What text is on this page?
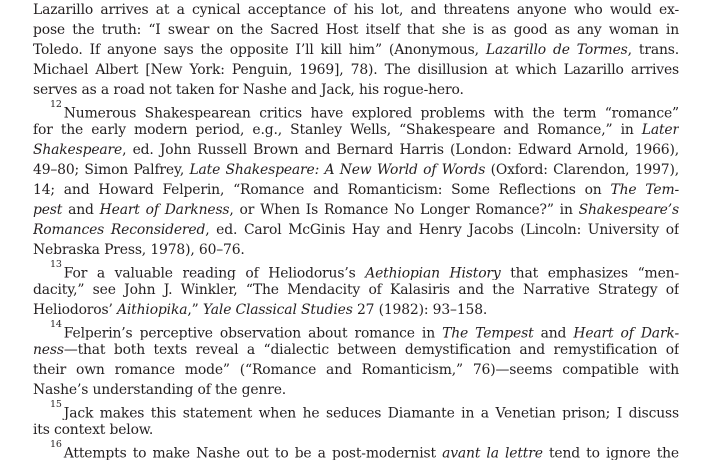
Lazarillo arrives at a cynical acceptance of his lot, and threatens anyone who would ex-
pose the truth: “I swear on the Sacred Host itself that she is as good as any woman in
Toledo. If anyone says the opposite I’ll kill him” (Anonymous, Lazarillo de Tormes, trans.
Michael Albert [New York: Penguin, 1969], 78). The disillusion at which Lazarillo arrives
serves as a road not taken for Nashe and Jack, his rogue-hero.
$^{12}$Numerous Shakespearean critics have explored problems with the term “romance”
for the early modern period, e.g., Stanley Wells, “Shakespeare and Romance,” in Later
Shakespeare, ed. John Russell Brown and Bernard Harris (London: Edward Arnold, 1966),
49–80; Simon Palfrey, Late Shakespeare: A New World of Words (Oxford: Clarendon, 1997),
14; and Howard Felperin, “Romance and Romanticism: Some Reflections on The Tem-
pest and Heart of Darkness, or When Is Romance No Longer Romance?” in Shakespeare’s
Romances Reconsidered, ed. Carol McGinis Hay and Henry Jacobs (Lincoln: University of
Nebraska Press, 1978), 60–76.
$^{13}$For a valuable reading of Heliodorus’s Aethiopian History that emphasizes “men-
dacity,” see John J. Winkler, “The Mendacity of Kalasiris and the Narrative Strategy of
Heliodoros’ Aithiopika,” Yale Classical Studies 27 (1982): 93–158.
$^{14}$Felperin’s perceptive observation about romance in The Tempest and Heart of Dark-
ness—that both texts reveal a “dialectic between demystification and remystification of
their own romance mode” (“Romance and Romanticism,” 76)—seems compatible with
Nashe’s understanding of the genre.
$^{15}$Jack makes this statement when he seduces Diamante in a Venetian prison; I discuss
its context below.
$^{16}$Attempts to make Nashe out to be a post-modernist avant la lettre tend to ignore the
